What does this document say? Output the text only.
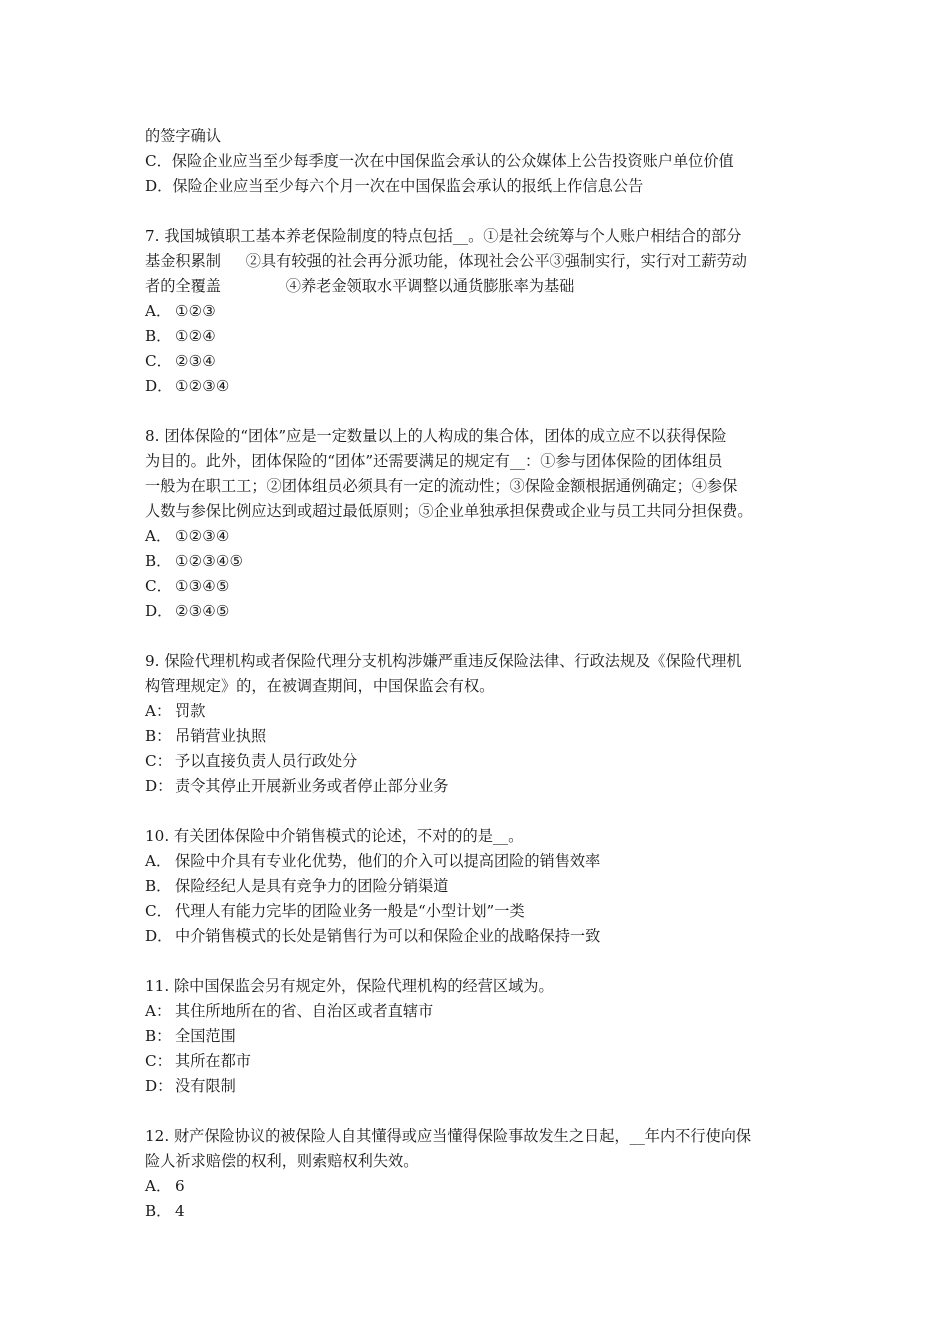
的签字确认
C．保险企业应当至少每季度一次在中国保监会承认的公众媒体上公告投资账户单位价值
D．保险企业应当至少每六个月一次在中国保监会承认的报纸上作信息公告
7. 我国城镇职工基本养老保险制度的特点包括__。①是社会统筹与个人账户相结合的部分
基金积累制 　 ②具有较强的社会再分派功能，体现社会公平③强制实行，实行对工薪劳动
者的全覆盖 　 　 　 ④养老金领取水平调整以通货膨胀率为基础
A． ①②③
B． ①②④
C． ②③④
D． ①②③④
8. 团体保险的“团体”应是一定数量以上的人构成的集合体，团体的成立应不以获得保险
为目的。此外，团体保险的“团体”还需要满足的规定有__：①参与团体保险的团体组员
一般为在职工工；②团体组员必须具有一定的流动性；③保险金额根据通例确定；④参保
人数与参保比例应达到或超过最低原则；⑤企业单独承担保费或企业与员工共同分担保费。
A． ①②③④
B． ①②③④⑤
C． ①③④⑤
D． ②③④⑤
9. 保险代理机构或者保险代理分支机构涉嫌严重违反保险法律、行政法规及《保险代理机
构管理规定》的，在被调查期间，中国保监会有权。
A： 罚款
B： 吊销营业执照
C： 予以直接负责人员行政处分
D： 责令其停止开展新业务或者停止部分业务
10. 有关团体保险中介销售模式的论述，不对的的是__。
A． 保险中介具有专业化优势，他们的介入可以提高团险的销售效率
B． 保险经纪人是具有竞争力的团险分销渠道
C． 代理人有能力完毕的团险业务一般是“小型计划”一类
D． 中介销售模式的长处是销售行为可以和保险企业的战略保持一致
11. 除中国保监会另有规定外，保险代理机构的经营区域为。
A： 其住所地所在的省、自治区或者直辖市
B： 全国范围
C： 其所在都市
D： 没有限制
12. 财产保险协议的被保险人自其懂得或应当懂得保险事故发生之日起，__年内不行使向保
险人祈求赔偿的权利，则索赔权利失效。
A． 6
B． 4
